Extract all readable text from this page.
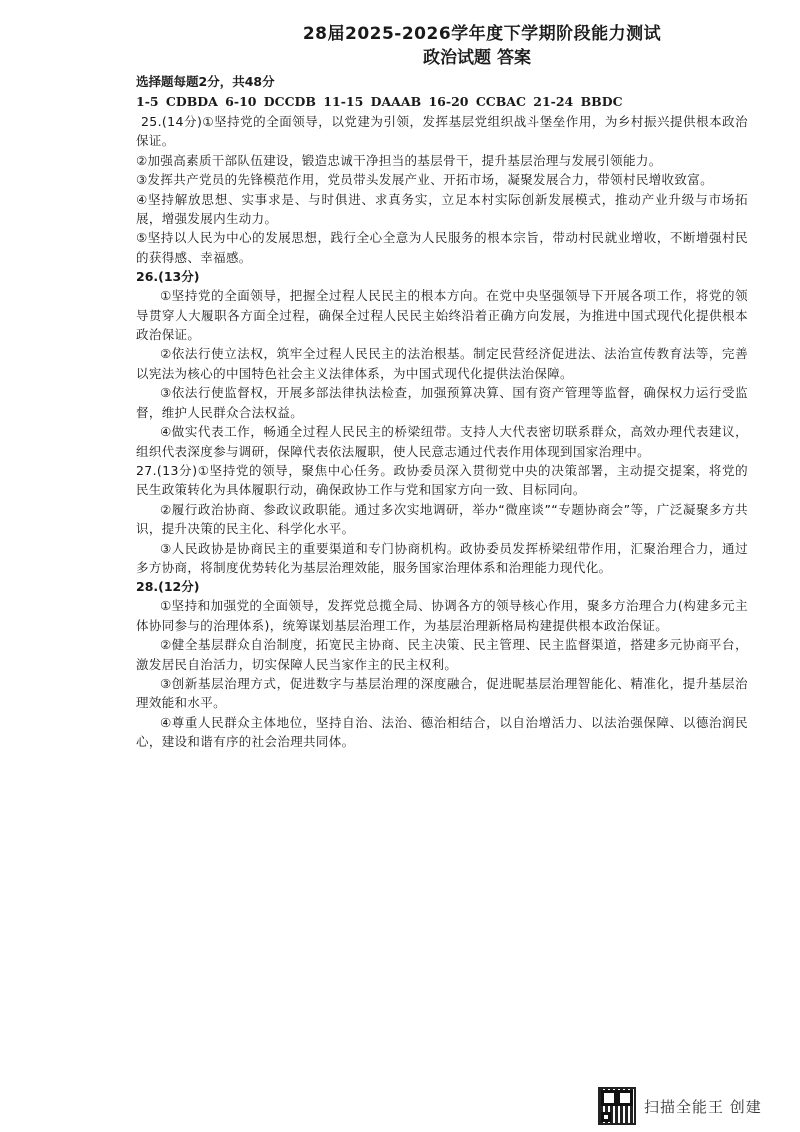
28届2025-2026学年度下学期阶段能力测试
政治试题 答案
选择题每题2分，共48分
1-5 CDBDA 6-10 DCCDB 11-15 DAAAB 16-20 CCBAC 21-24 BBDC
25.(14分)①坚持党的全面领导，以党建为引领，发挥基层党组织战斗堡垒作用，为乡村振兴提供根本政治保证。
②加强高素质干部队伍建设，锻造忠诚干净担当的基层骨干，提升基层治理与发展引领能力。
③发挥共产党员的先锋模范作用，党员带头发展产业、开拓市场，凝聚发展合力，带领村民增收致富。
④坚持解放思想、实事求是、与时俱进、求真务实，立足本村实际创新发展模式，推动产业升级与市场拓展，增强发展内生动力。
⑤坚持以人民为中心的发展思想，践行全心全意为人民服务的根本宗旨，带动村民就业增收，不断增强村民的获得感、幸福感。
26.(13分)
①坚持党的全面领导，把握全过程人民民主的根本方向。在党中央坚强领导下开展各项工作，将党的领导贯穿人大履职各方面全过程，确保全过程人民民主始终沿着正确方向发展，为推进中国式现代化提供根本政治保证。
②依法行使立法权，筑牢全过程人民民主的法治根基。制定民营经济促进法、法治宣传教育法等，完善以宪法为核心的中国特色社会主义法律体系，为中国式现代化提供法治保障。
③依法行使监督权，开展多部法律执法检查，加强预算决算、国有资产管理等监督，确保权力运行受监督，维护人民群众合法权益。
④做实代表工作，畅通全过程人民民主的桥梁纽带。支持人大代表密切联系群众，高效办理代表建议，组织代表深度参与调研，保障代表依法履职，使人民意志通过代表作用体现到国家治理中。
27.(13分)①坚持党的领导，聚焦中心任务。政协委员深入贯彻党中央的决策部署，主动提交提案，将党的民生政策转化为具体履职行动，确保政协工作与党和国家方向一致、目标同向。
②履行政治协商、参政议政职能。通过多次实地调研，举办“微座谈”“专题协商会”等，广泛凝聚多方共识，提升决策的民主化、科学化水平。
③人民政协是协商民主的重要渠道和专门协商机构。政协委员发挥桥梁纽带作用，汇聚治理合力，通过多方协商，将制度优势转化为基层治理效能，服务国家治理体系和治理能力现代化。
28.(12分)
①坚持和加强党的全面领导，发挥党总揽全局、协调各方的领导核心作用，聚多方治理合力(构建多元主体协同参与的治理体系)，统筹谋划基层治理工作，为基层治理新格局构建提供根本政治保证。
②健全基层群众自治制度，拓宽民主协商、民主决策、民主管理、民主监督渠道，搭建多元协商平台，激发居民自治活力，切实保障人民当家作主的民主权利。
③创新基层治理方式，促进数字与基层治理的深度融合，促进昵基层治理智能化、精准化，提升基层治理效能和水平。
④尊重人民群众主体地位，坚持自治、法治、德治相结合，以自治增活力、以法治强保障、以德治润民心，建设和谐有序的社会治理共同体。
扫描全能王 创建
